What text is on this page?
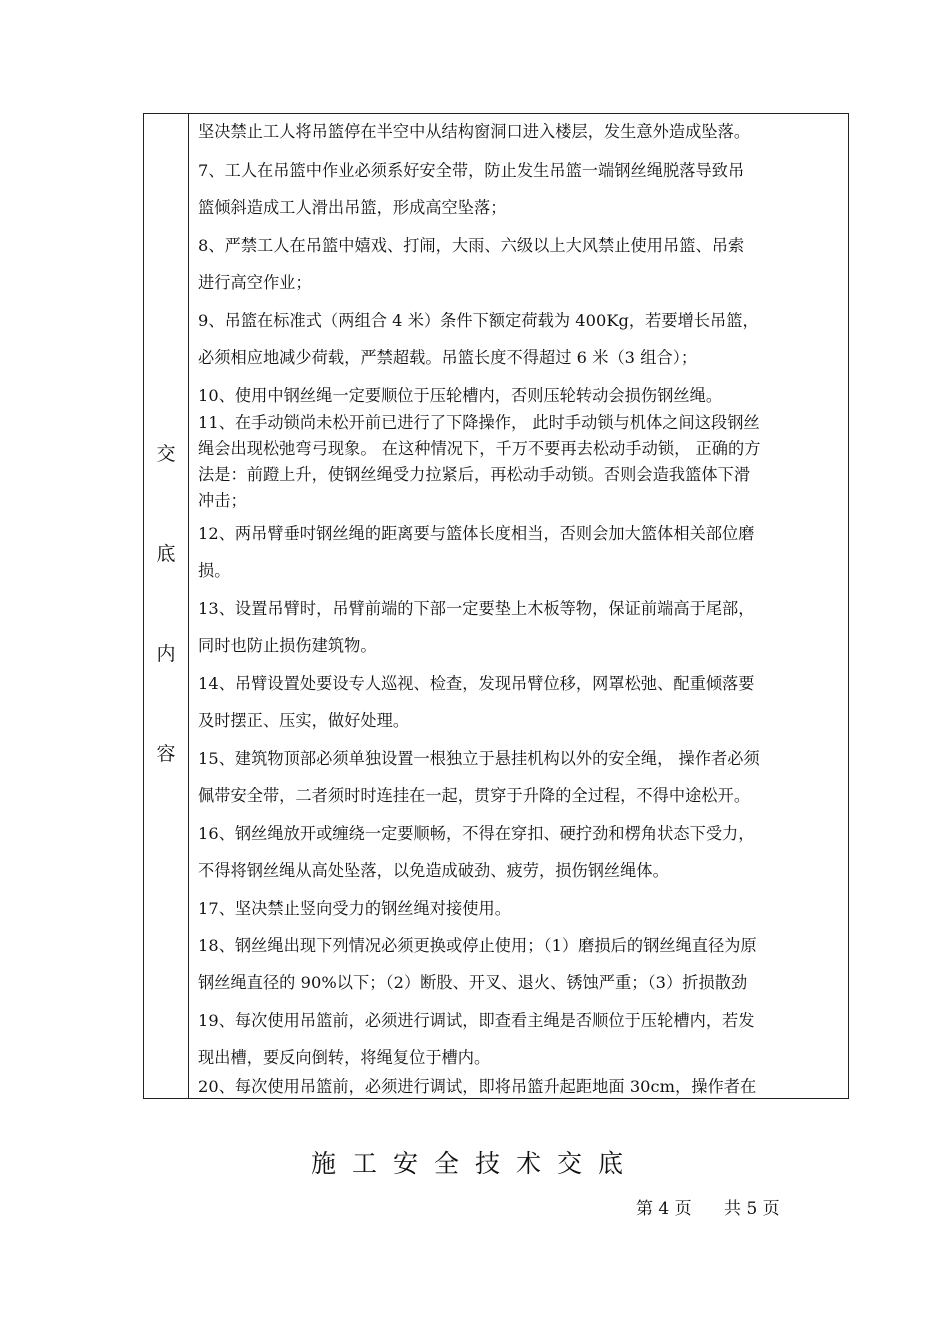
交
底
内
容
坚决禁止工人将吊篮停在半空中从结构窗洞口进入楼层，发生意外造成坠落。
7、工人在吊篮中作业必须系好安全带，防止发生吊篮一端钢丝绳脱落导致吊
篮倾斜造成工人滑出吊篮，形成高空坠落；
8、严禁工人在吊篮中嬉戏、打闹，大雨、六级以上大风禁止使用吊篮、吊索
进行高空作业；
9、吊篮在标准式（两组合 4 米）条件下额定荷载为 400Kg，若要增长吊篮，
必须相应地减少荷载，严禁超载。吊篮长度不得超过 6 米（3 组合）；
10、使用中钢丝绳一定要顺位于压轮槽内，否则压轮转动会损伤钢丝绳。
11、在手动锁尚未松开前已进行了下降操作， 此时手动锁与机体之间这段钢丝
绳会出现松弛弯弓现象。 在这种情况下，千万不要再去松动手动锁， 正确的方
法是：前蹬上升，使钢丝绳受力拉紧后，再松动手动锁。否则会造我篮体下滑
冲击；
12、两吊臂垂吋钢丝绳的距离要与篮体长度相当，否则会加大篮体相关部位磨
损。
13、设置吊臂时，吊臂前端的下部一定要垫上木板等物，保证前端高于尾部，
同时也防止损伤建筑物。
14、吊臂设置处要设专人巡视、检查，发现吊臂位移，网罩松弛、配重倾落要
及时摆正、压实，做好处理。
15、建筑物顶部必须单独设置一根独立于悬挂机构以外的安全绳， 操作者必须
佩带安全带，二者须时时连挂在一起，贯穿于升降的全过程，不得中途松开。
16、钢丝绳放开或缠绕一定要顺畅，不得在穿扣、硬拧劲和楞角状态下受力，
不得将钢丝绳从高处坠落，以免造成破劲、疲劳，损伤钢丝绳体。
17、坚决禁止竖向受力的钢丝绳对接使用。
18、钢丝绳出现下列情况必须更换或停止使用；（1）磨损后的钢丝绳直径为原
钢丝绳直径的 90%以下；（2）断股、开叉、退火、锈蚀严重；（3）折损散劲
19、每次使用吊篮前，必须进行调试，即查看主绳是否顺位于压轮槽内，若发
现出槽，要反向倒转，将绳复位于槽内。
20、每次使用吊篮前，必须进行调试，即将吊篮升起距地面 30cm，操作者在
施工安全技术交底
第 4 页      共 5 页
